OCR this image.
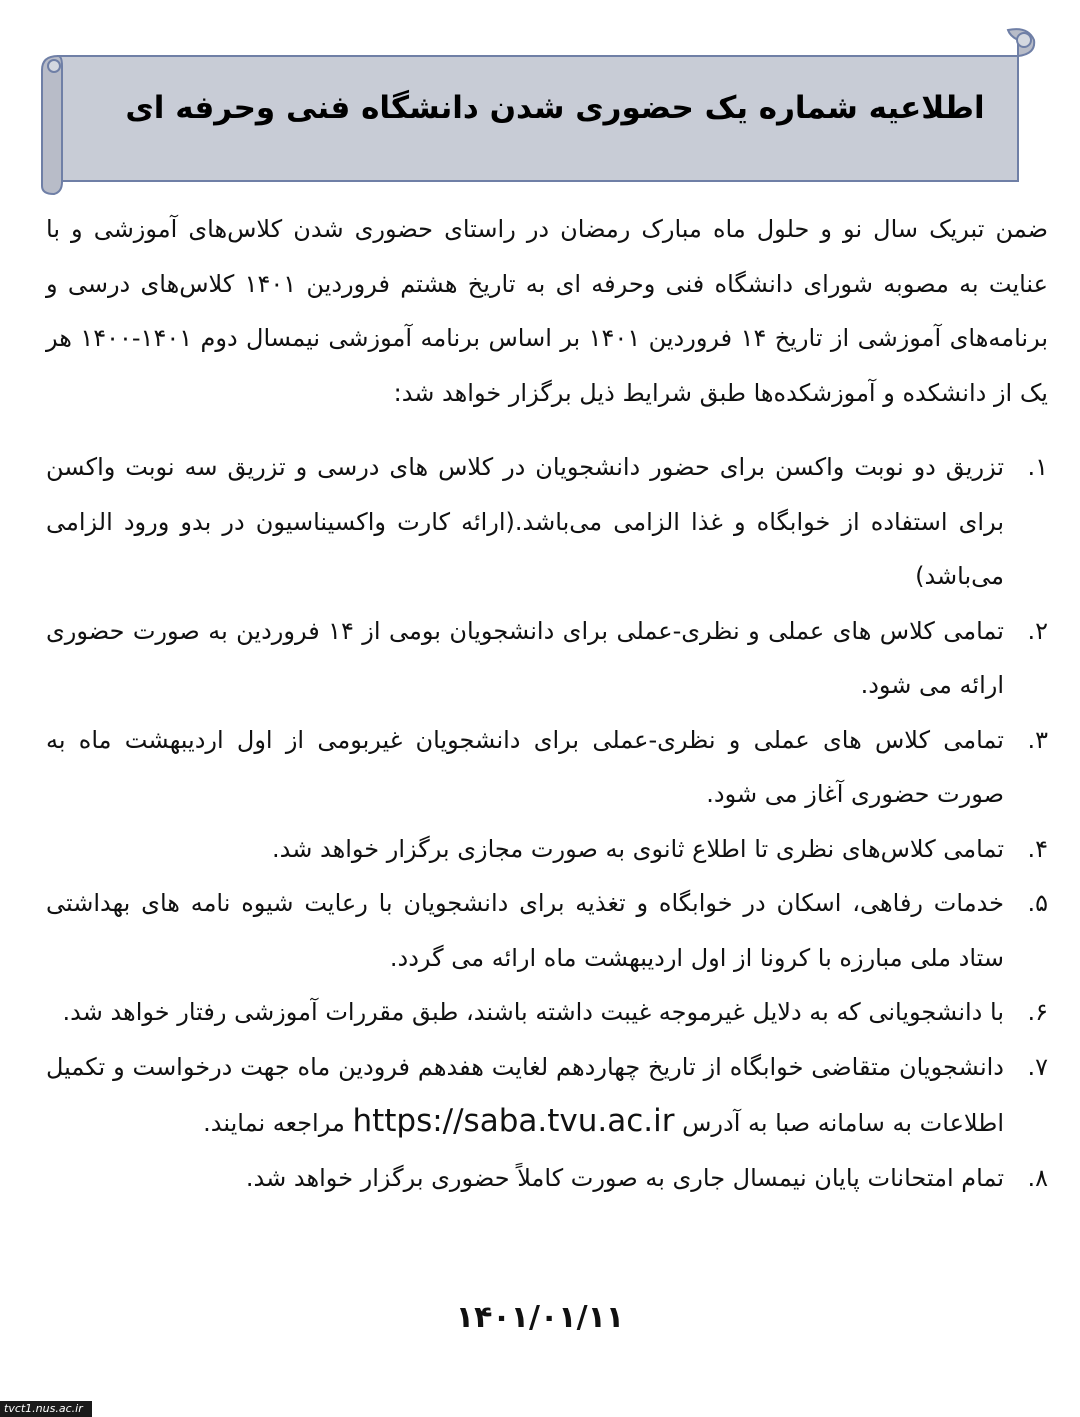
اطلاعیه شماره یک حضوری شدن دانشگاه فنی وحرفه ای

ضمن تبریک سال نو و حلول ماه مبارک رمضان در راستای حضوری شدن کلاس‌های آموزشی و با عنایت به مصوبه شورای دانشگاه فنی وحرفه ای به تاریخ هشتم فروردین ۱۴۰۱ کلاس‌های درسی و برنامه‌های آموزشی از تاریخ ۱۴ فروردین ۱۴۰۱ بر اساس برنامه آموزشی نیمسال دوم ۱۴۰۱-۱۴۰۰ هر یک از دانشکده و آموزشکده‌ها طبق شرایط ذیل برگزار خواهد شد:

۱.
تزریق دو نوبت واکسن برای حضور دانشجویان در کلاس های درسی و تزریق سه نوبت واکسن برای استفاده از خوابگاه و غذا الزامی می‌باشد.(ارائه کارت واکسیناسیون در بدو ورود الزامی می‌باشد)
۲.
تمامی کلاس های عملی و نظری-عملی برای دانشجویان بومی از ۱۴ فروردین به صورت حضوری ارائه می شود.
۳.
تمامی کلاس های عملی و نظری-عملی برای دانشجویان غیربومی از اول اردیبهشت ماه به صورت حضوری آغاز می شود.
۴.
تمامی کلاس‌های نظری تا اطلاع ثانوی به صورت مجازی برگزار خواهد شد.
۵.
خدمات رفاهی، اسکان در خوابگاه و تغذیه برای دانشجویان با رعایت شیوه نامه های بهداشتی ستاد ملی مبارزه با کرونا از اول اردیبهشت ماه ارائه می گردد.
۶.
با دانشجویانی که به دلایل غیرموجه غیبت داشته باشند، طبق مقررات آموزشی رفتار خواهد شد.
۷.
دانشجویان متقاضی خوابگاه از تاریخ چهاردهم لغایت هفدهم فرودین ماه جهت درخواست و تکمیل اطلاعات به سامانه صبا به آدرس https://saba.tvu.ac.ir مراجعه نمایند.
۸.
تمام امتحانات پایان نیمسال جاری به صورت کاملاً حضوری برگزار خواهد شد.
۱۴۰۱/۰۱/۱۱
tvct1.nus.ac.ir
